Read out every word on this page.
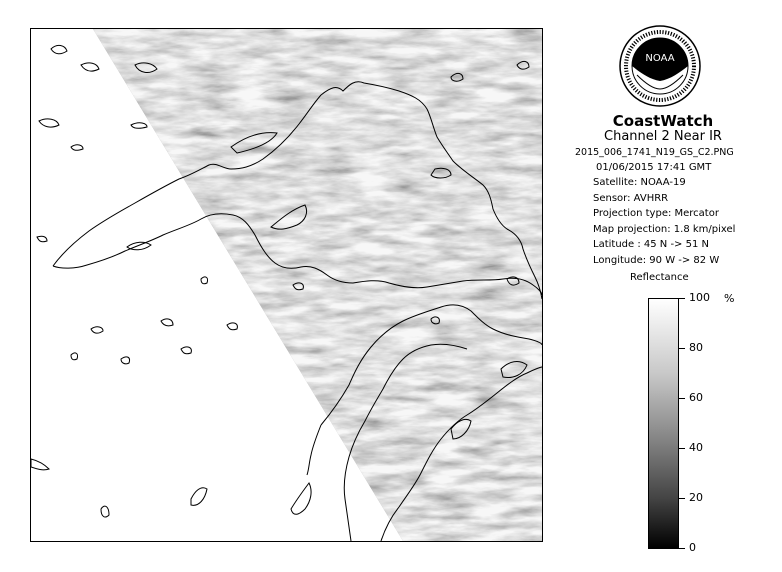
NOAA
CoastWatch
Channel 2 Near IR
2015_006_1741_N19_GS_C2.PNG
01/06/2015 17:41 GMT
Satellite: NOAA-19
Sensor: AVHRR
Projection type: Mercator
Map projection: 1.8 km/pixel
Latitude : 45 N -> 51 N
Longitude: 90 W -> 82 W
Reflectance
100
80
60
40
20
0
%
